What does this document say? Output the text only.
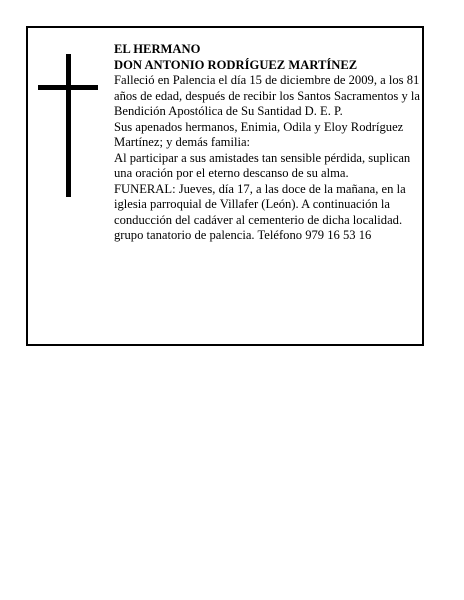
EL HERMANO

DON ANTONIO RODRÍGUEZ MARTÍNEZ

Falleció en Palencia el día 15 de diciembre de 2009, a los 81 años de edad, después de recibir los Santos Sacramentos y la Bendición Apostólica de Su Santidad D. E. P.

Sus apenados hermanos, Enimia, Odila y Eloy Rodríguez Martínez; y demás familia:

Al participar a sus amistades tan sensible pérdida, suplican una oración por el eterno descanso de su alma.

FUNERAL: Jueves, día 17, a las doce de la mañana, en la iglesia parroquial de Villafer (León). A continuación la conducción del cadáver al cementerio de dicha localidad.

grupo tanatorio de palencia. Teléfono 979 16 53 16
